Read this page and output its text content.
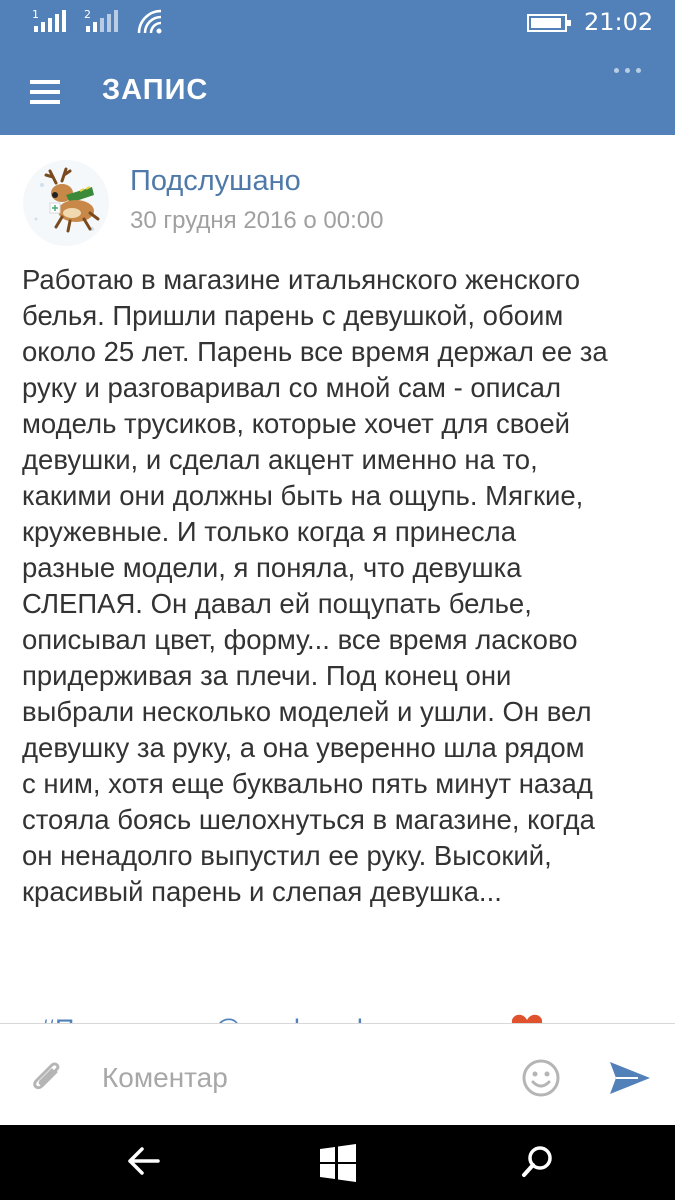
1	2	21:02
ЗАПИС
Подслушано
30 грудня 2016 о 00:00
Работаю в магазине итальянского женского
белья. Пришли парень с девушкой, обоим
около 25 лет. Парень все время держал ее за
руку и разговаривал со мной сам - описал
модель трусиков, которые хочет для своей
девушки, и сделал акцент именно на то,
какими они должны быть на ощупь. Мягкие,
кружевные. И только когда я принесла
разные модели, я поняла, что девушка
СЛЕПАЯ. Он давал ей пощупать белье,
описывал цвет, форму... все время ласково
придерживая за плечи. Под конец они
выбрали несколько моделей и ушли. Он вел
девушку за руку, а она уверенно шла рядом
с ним, хотя еще буквально пять минут назад
стояла боясь шелохнуться в магазине, когда
он ненадолго выпустил ее руку. Высокий,
красивый парень и слепая девушка...
Коментар
